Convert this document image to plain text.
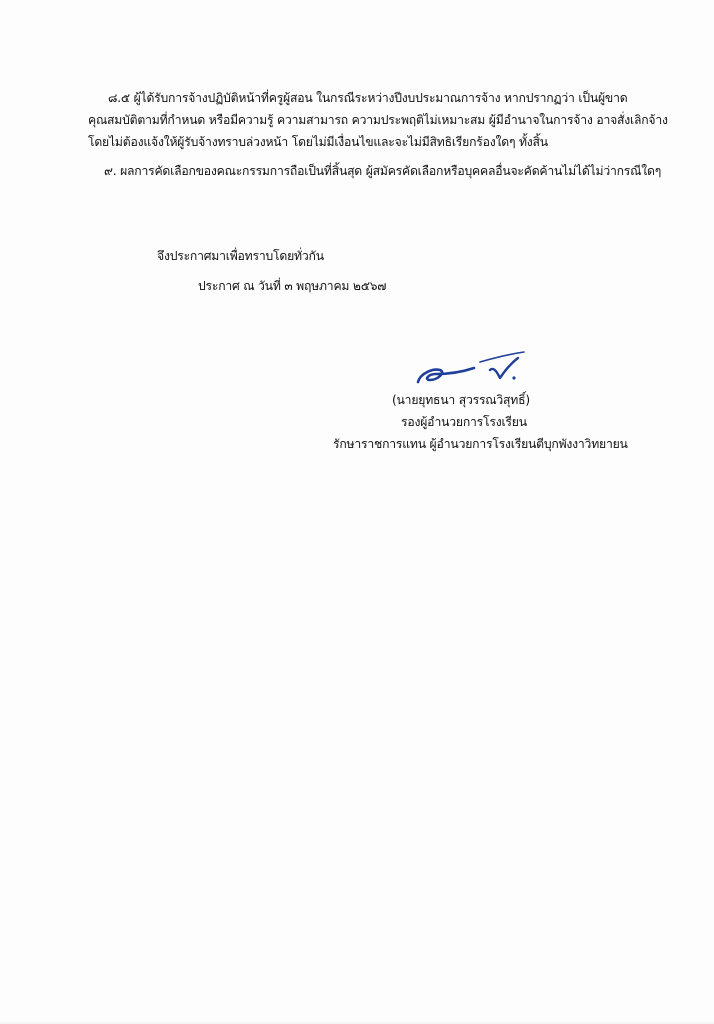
๘.๕ ผู้ได้รับการจ้างปฏิบัติหน้าที่ครูผู้สอน ในกรณีระหว่างปีงบประมาณการจ้าง หากปรากฏว่า เป็นผู้ขาด
คุณสมบัติตามที่กำหนด หรือมีความรู้ ความสามารถ ความประพฤติไม่เหมาะสม ผู้มีอำนาจในการจ้าง อาจสั่งเลิกจ้าง
โดยไม่ต้องแจ้งให้ผู้รับจ้างทราบล่วงหน้า โดยไม่มีเงื่อนไขและจะไม่มีสิทธิเรียกร้องใดๆ ทั้งสิ้น
๙. ผลการคัดเลือกของคณะกรรมการถือเป็นที่สิ้นสุด ผู้สมัครคัดเลือกหรือบุคคลอื่นจะคัดค้านไม่ได้ไม่ว่ากรณีใดๆ
จึงประกาศมาเพื่อทราบโดยทั่วกัน
ประกาศ ณ วันที่ ๓ พฤษภาคม ๒๕๖๗
(นายยุทธนา สุวรรณวิสุทธิ์)
รองผู้อำนวยการโรงเรียน
รักษาราชการแทน ผู้อำนวยการโรงเรียนตีบุกพังงาวิทยายน
